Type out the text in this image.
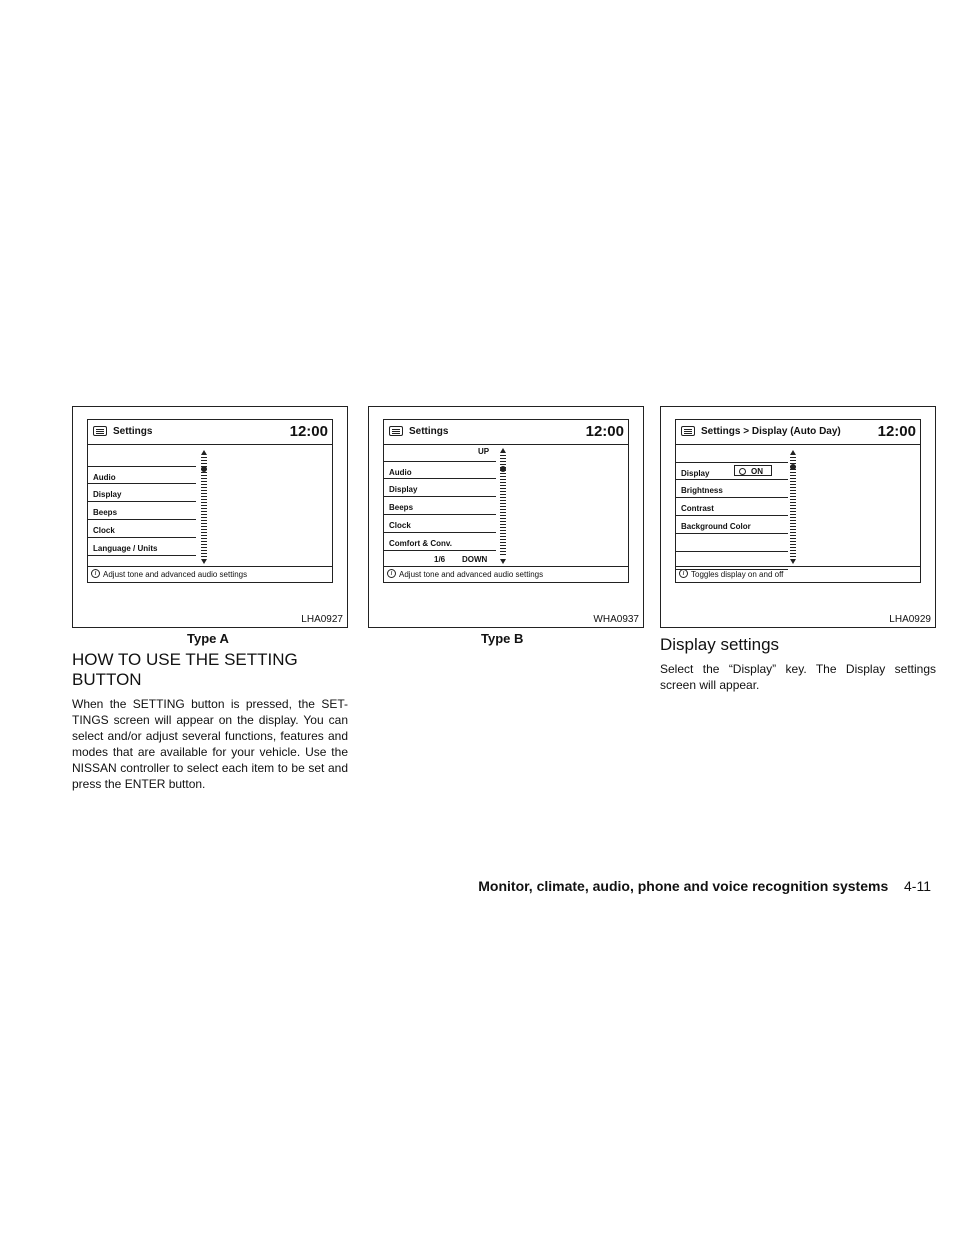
Settings	12:00
Audio
Display
Beeps
Clock
Language / Units
i Adjust tone and advanced audio settings
LHA0927
Type A
Settings	12:00
UP
Audio
Display
Beeps
Clock
Comfort & Conv.
1/6 DOWN
i Adjust tone and advanced audio settings
WHA0937
Type B
Settings > Display (Auto Day) 12:00
Display	ON
Brightness
Contrast
Background Color
i Toggles display on and off
LHA0929
HOW TO USE THE SETTING
BUTTON

When the SETTING button is pressed, the SET-TINGS screen will appear on the display. You can select and/or adjust several functions, features and modes that are available for your vehicle. Use the NISSAN controller to select each item to be set and press the ENTER button.

Display settings

Select the “Display” key. The Display settings screen will appear.

Monitor, climate, audio, phone and voice recognition systems 4-11
